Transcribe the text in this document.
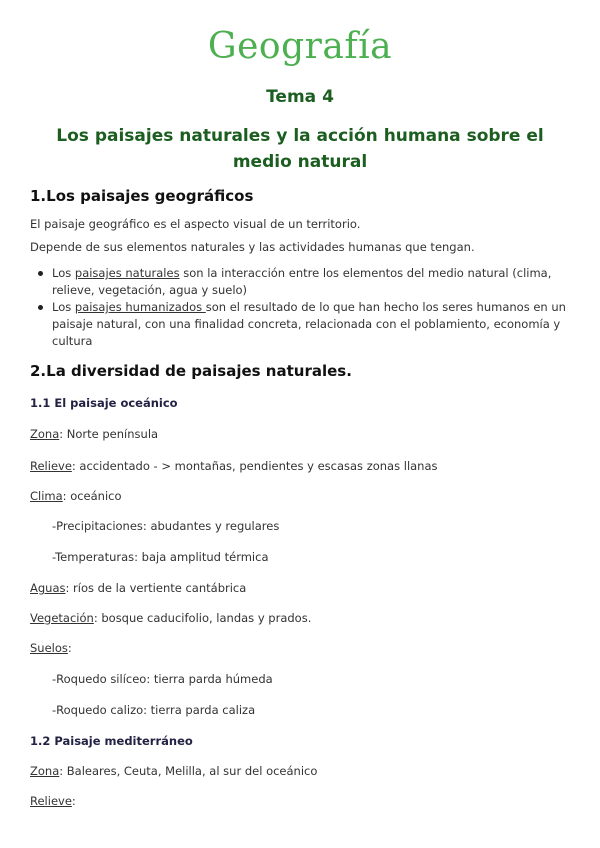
Geografía
Tema 4
Los paisajes naturales y la acción humana sobre el medio natural
1.Los paisajes geográficos
El paisaje geográfico es el aspecto visual de un territorio.
Depende de sus elementos naturales y las actividades humanas que tengan.
Los paisajes naturales son la interacción entre los elementos del medio natural (clima, relieve, vegetación, agua y suelo)
Los paisajes humanizados son el resultado de lo que han hecho los seres humanos en un paisaje natural, con una finalidad concreta, relacionada con el poblamiento, economía y cultura
2.La diversidad de paisajes naturales.
1.1 El paisaje oceánico
Zona: Norte península
Relieve: accidentado - > montañas, pendientes y escasas zonas llanas
Clima: oceánico
-Precipitaciones: abudantes y regulares
-Temperaturas: baja amplitud térmica
Aguas: ríos de la vertiente cantábrica
Vegetación: bosque caducifolio, landas y prados.
Suelos:
-Roquedo silíceo: tierra parda húmeda
-Roquedo calizo: tierra parda caliza
1.2 Paisaje mediterráneo
Zona: Baleares, Ceuta, Melilla, al sur del oceánico
Relieve:
